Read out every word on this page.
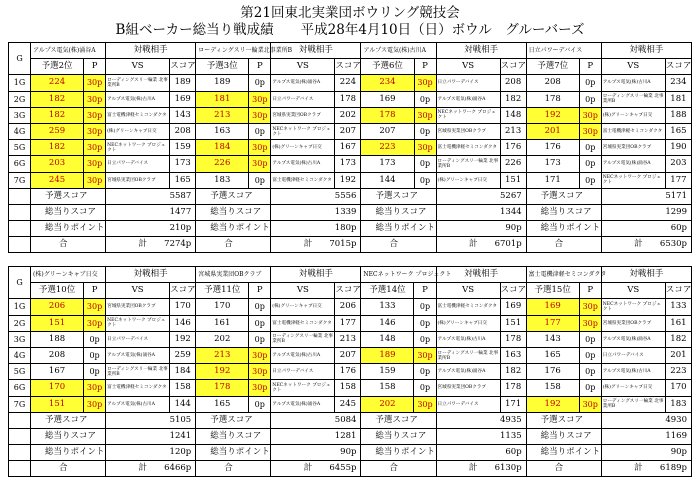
第21回東北実業団ボウリング競技会
B組ベーカー総当り戦成績　　平成28年4月10日（日）ボウル　グルーバーズ
G	アルプス電気(株)涌谷A		対戦相手		ローディングスリ一輪業北事業所B		対戦相手		アルプス電気(株)古川A		対戦相手		日立パワーデバイス		対戦相手	
	予選2位	P	VS	スコア	予選3位	P	VS	スコア	予選6位	P	VS	スコア	予選7位	P	VS	スコア
1G	224	30p	ローディングスリ一輪業 北事業所B	189	189	0p	アルプス電気(株)涌谷A	224	234	30p	日立パワーデバイス	208	208	0p	アルプス電気(株)古川A	234
2G	182	30p	アルプス電気(株)古川A	169	181	30p	日立パワーデバイス	178	169	0p	アルプス電気(株)涌谷A	182	178	0p	ローディングスリ一輪業 北事業所B	181
3G	182	30p	富士電機津軽セミコンダクタ	143	213	30p	宮城県実業団OBクラブ	202	178	30p	NECネットワーク プロジェクト	148	192	30p	(株)グリーンキャブ日交	188
4G	259	30p	(株)グリーンキャブ日交	208	163	0p	NECネットワーク プロジェクト	207	207	0p	宮城県実業団OBクラブ	213	201	30p	富士電機津軽セミコンダクタ	165
5G	182	30p	NECネットワーク プロジェクト	159	184	30p	(株)グリーンキャブ日交	167	223	30p	富士電機津軽セミコンダクタ	176	176	0p	宮城県実業団OBクラブ	190
6G	203	30p	日立パワーデバイス	173	226	30p	アルプス電気(株)古川A	173	173	0p	ローディングスリ一輪業 北事業所B	226	173	0p	アルプス電気(株)涌谷A	203
7G	245	30p	宮城県実業団OBクラブ	165	183	0p	富士電機津軽セミコンダクタ	192	144	0p	(株)グリーンキャブ日交	151	171	0p	NECネットワーク プロジェクト	177
	予選スコア		5587		予選スコア		5556		予選スコア		5267		予選スコア		5171	
	総当りスコア		1477		総当りスコア		1339		総当りスコア		1344		総当りスコア		1299	
	総当りポイント		210p		総当りポイント		180p		総当りポイント		90p		総当りポイント		60p	
	合　　計		7274p		合　　計		7015p		合　　計		6701p		合　　計		6530p	
G	(株)グリーンキャブ日交		対戦相手		宮城県実業団OBクラブ		対戦相手		NECネットワーク プロジェクト		対戦相手		富士電機津軽セミコンダクタ		対戦相手	
	予選10位	P	VS	スコア	予選11位	P	VS	スコア	予選14位	P	VS	スコア	予選15位	P	VS	スコア
1G	206	30p	宮城県実業団OBクラブ	170	170	0p	(株)グリーンキャブ日交	206	133	0p	富士電機津軽セミコンダクタ	169	169	30p	NECネットワーク プロジェクト	133
2G	151	30p	NECネットワーク プロジェクト	146	161	0p	富士電機津軽セミコンダクタ	177	146	0p	(株)グリーンキャブ日交	151	177	30p	宮城県実業団OBクラブ	161
3G	188	0p	日立パワーデバイス	192	202	0p	ローディングスリ一輪業 北事業所B	213	148	0p	アルプス電気(株)古川A	178	143	0p	アルプス電気(株)涌谷A	182
4G	208	0p	アルプス電気(株)涌谷A	259	213	30p	アルプス電気(株)古川A	207	189	30p	ローディングスリ一輪業 北事業所B	163	165	0p	日立パワーデバイス	201
5G	167	0p	ローディングスリ一輪業 北事業所B	184	192	30p	日立パワーデバイス	176	159	0p	アルプス電気(株)涌谷A	182	176	0p	アルプス電気(株)古川A	223
6G	170	30p	富士電機津軽セミコンダクタ	158	178	30p	NECネットワーク プロジェクト	158	158	0p	宮城県実業団OBクラブ	178	158	0p	(株)グリーンキャブ日交	170
7G	151	30p	アルプス電気(株)古川A	144	165	0p	アルプス電気(株)涌谷A	245	202	30p	日立パワーデバイス	171	192	30p	ローディングスリ一輪業 北事業所B	183
	予選スコア		5105		予選スコア		5084		予選スコア		4935		予選スコア		4930	
	総当りスコア		1241		総当りスコア		1281		総当りスコア		1135		総当りスコア		1169	
	総当りポイント		120p		総当りポイント		90p		総当りポイント		60p		総当りポイント		90p	
	合　　計		6466p		合　　計		6455p		合　　計		6130p		合　　計		6189p	
